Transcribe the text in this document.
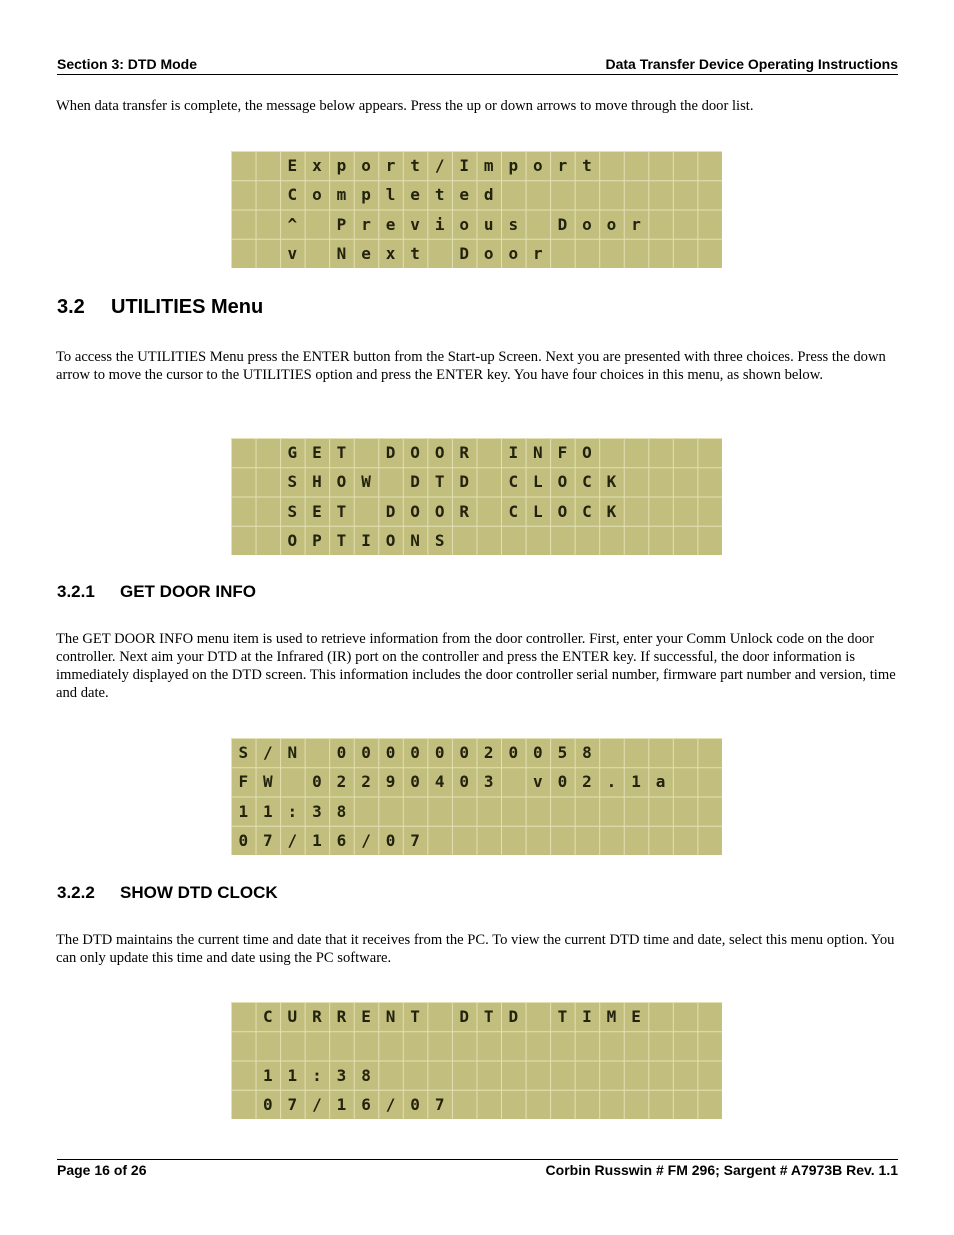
Section 3: DTD Mode	Data Transfer Device Operating Instructions

When data transfer is complete, the message below appears. Press the up or down arrows to move through the door list.

E x p o r t / I m p o r t
C o m p l e t e d
^	P r e v i o u s	D o o r
v	N e x t	D o o r
3.2 UTILITIES Menu

To access the UTILITIES Menu press the ENTER button from the Start-up Screen. Next you are presented with three choices. Press the down arrow to move the cursor to the UTILITIES option and press the ENTER key. You have four choices in this menu, as shown below.

G E T	D O O R	I N F O
S H O W	D T D	C L O C K
S E T	D O O R	C L O C K
O P T I O N S
3.2.1 GET DOOR INFO

The GET DOOR INFO menu item is used to retrieve information from the door controller. First, enter your Comm Unlock code on the door controller. Next aim your DTD at the Infrared (IR) port on the controller and press the ENTER key. If successful, the door information is immediately displayed on the DTD screen. This information includes the door controller serial number, firmware part number and version, time and date.

S / N	0 0 0 0 0 0 2 0 0 5 8
F W	0 2 2 9 0 4 0 3	v 0 2 . 1 a
1 1 : 3 8
0 7 / 1 6 / 0 7
3.2.2 SHOW DTD CLOCK

The DTD maintains the current time and date that it receives from the PC. To view the current DTD time and date, select this menu option. You can only update this time and date using the PC software.

C U R R E N T	D T D	T I M E
1 1 : 3 8
0 7 / 1 6 / 0 7
Page 16 of 26	Corbin Russwin # FM 296; Sargent # A7973B Rev. 1.1
